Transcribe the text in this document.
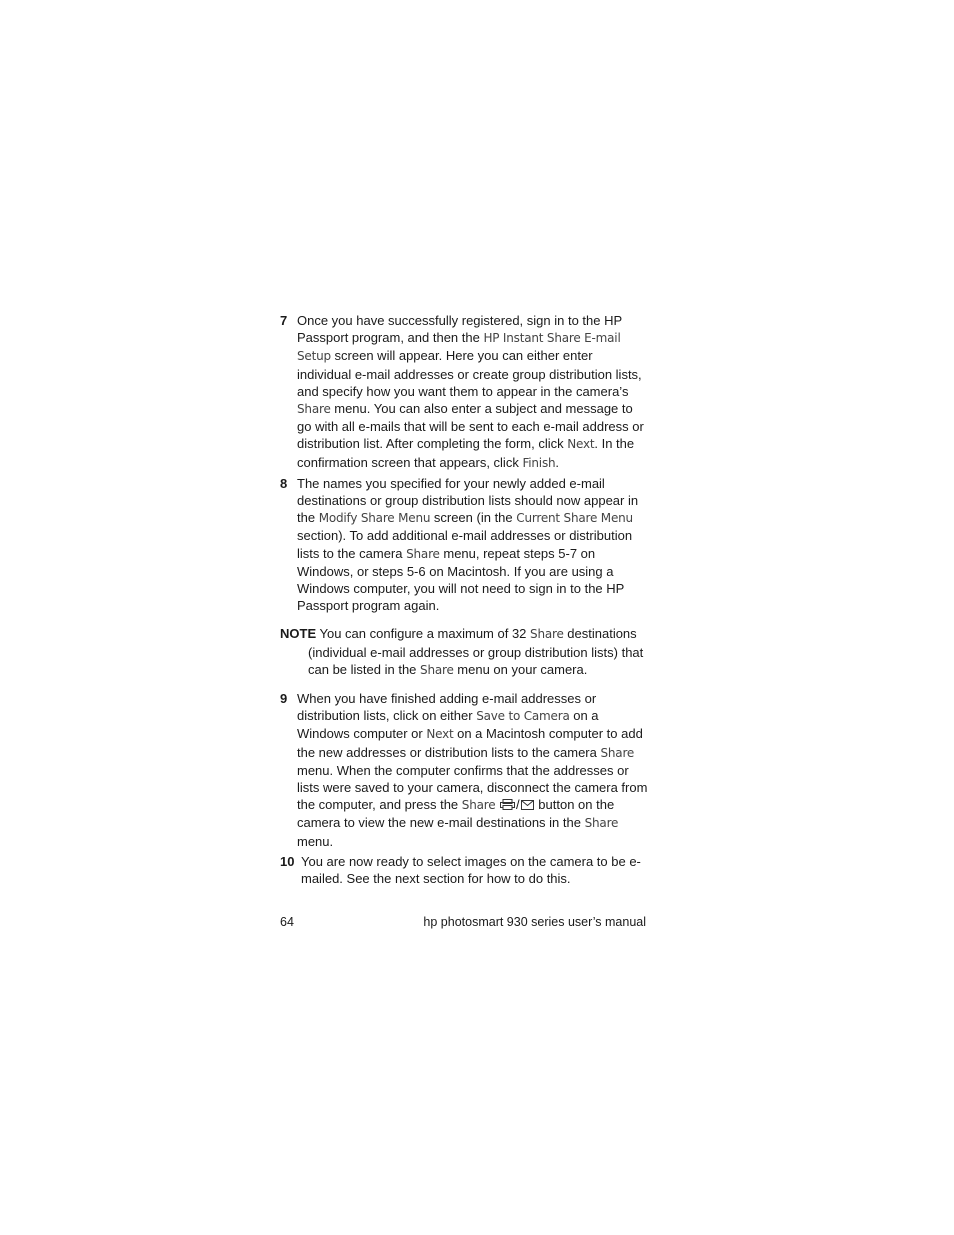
7 Once you have successfully registered, sign in to the HP Passport program, and then the HP Instant Share E-mail Setup screen will appear. Here you can either enter individual e-mail addresses or create group distribution lists, and specify how you want them to appear in the camera’s Share menu. You can also enter a subject and message to go with all e-mails that will be sent to each e-mail address or distribution list. After completing the form, click Next. In the confirmation screen that appears, click Finish.
8 The names you specified for your newly added e-mail destinations or group distribution lists should now appear in the Modify Share Menu screen (in the Current Share Menu section). To add additional e-mail addresses or distribution lists to the camera Share menu, repeat steps 5-7 on Windows, or steps 5-6 on Macintosh. If you are using a Windows computer, you will not need to sign in to the HP Passport program again.
NOTE You can configure a maximum of 32 Share destinations (individual e-mail addresses or group distribution lists) that can be listed in the Share menu on your camera.
9 When you have finished adding e-mail addresses or distribution lists, click on either Save to Camera on a Windows computer or Next on a Macintosh computer to add the new addresses or distribution lists to the camera Share menu. When the computer confirms that the addresses or lists were saved to your camera, disconnect the camera from the computer, and press the Share / button on the camera to view the new e-mail destinations in the Share menu.
10 You are now ready to select images on the camera to be e-mailed. See the next section for how to do this.
64	hp photosmart 930 series user’s manual
